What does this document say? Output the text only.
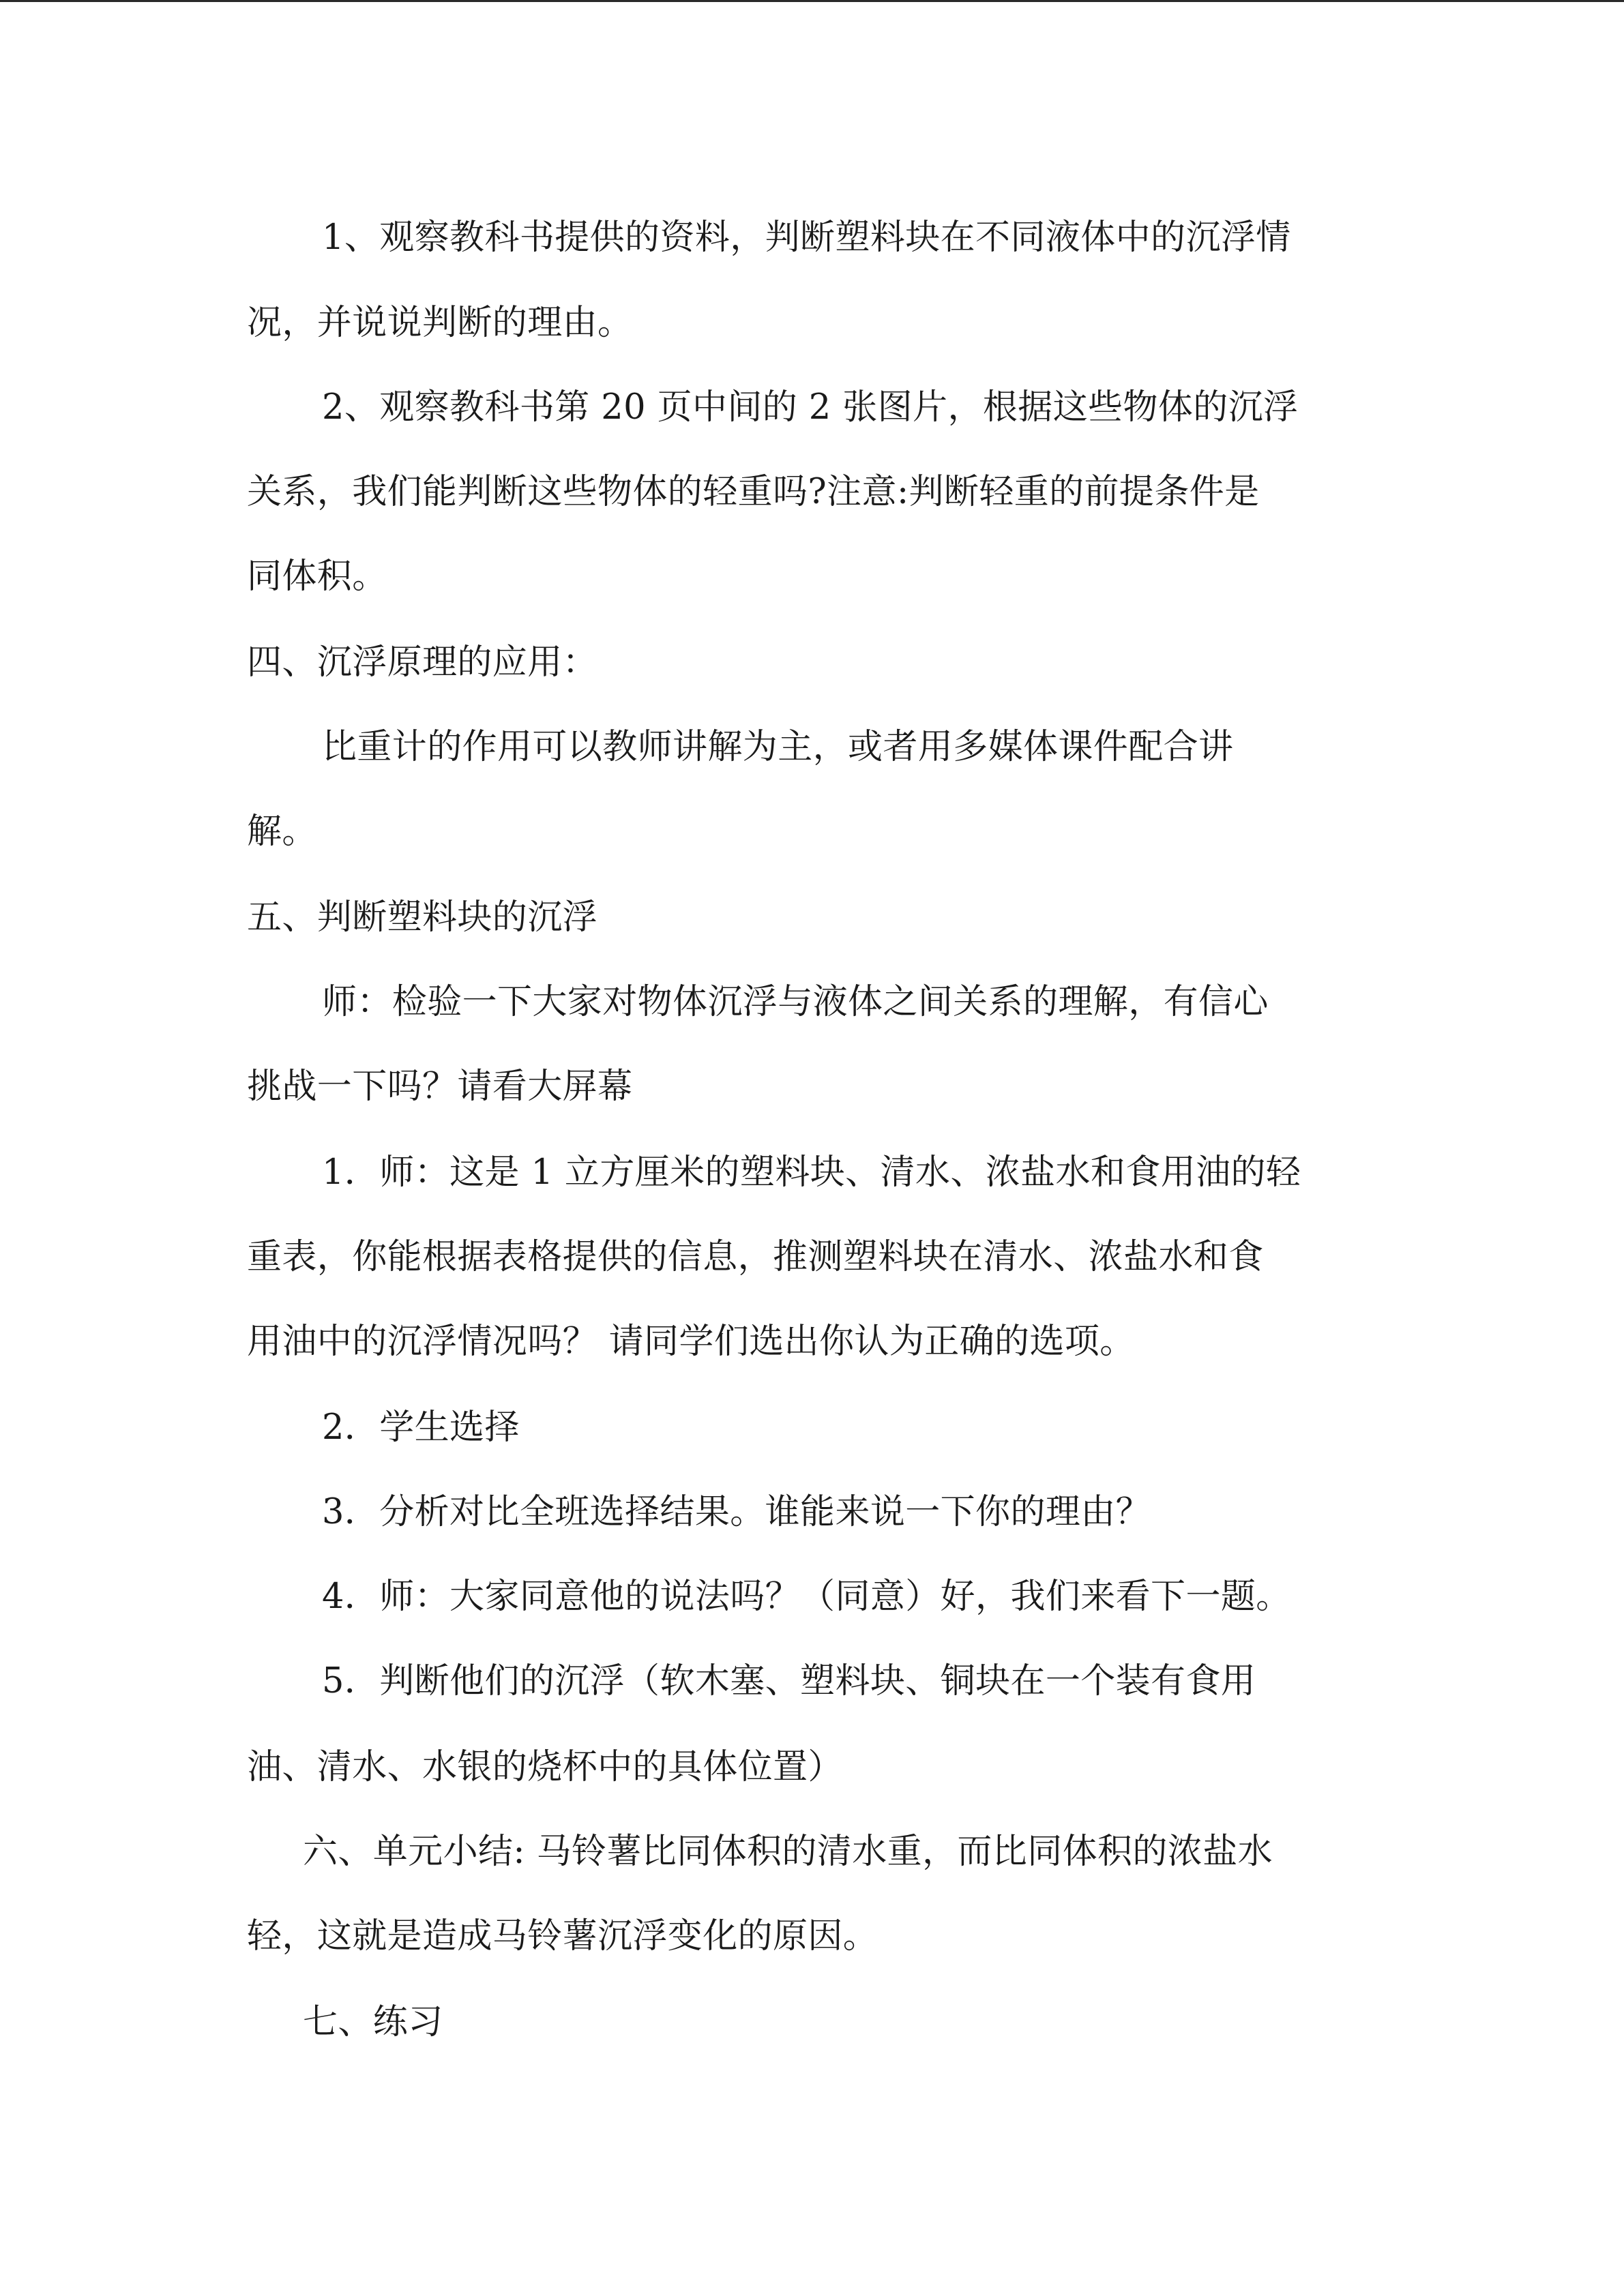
1、观察教科书提供的资料，判断塑料块在不同液体中的沉浮情
况，并说说判断的理由。
2、观察教科书第 20 页中间的 2 张图片，根据这些物体的沉浮
关系，我们能判断这些物体的轻重吗?注意:判断轻重的前提条件是
同体积。
四、沉浮原理的应用：
比重计的作用可以教师讲解为主，或者用多媒体课件配合讲
解。
五、判断塑料块的沉浮
师：检验一下大家对物体沉浮与液体之间关系的理解，有信心
挑战一下吗？请看大屏幕
1．师：这是 1 立方厘米的塑料块、清水、浓盐水和食用油的轻
重表，你能根据表格提供的信息，推测塑料块在清水、浓盐水和食
用油中的沉浮情况吗？ 请同学们选出你认为正确的选项。
2．学生选择
3．分析对比全班选择结果。谁能来说一下你的理由？
4．师：大家同意他的说法吗？（同意）好，我们来看下一题。
5．判断他们的沉浮（软木塞、塑料块、铜块在一个装有食用
油、清水、水银的烧杯中的具体位置）
六、单元小结: 马铃薯比同体积的清水重，而比同体积的浓盐水
轻，这就是造成马铃薯沉浮变化的原因。
七、练习
